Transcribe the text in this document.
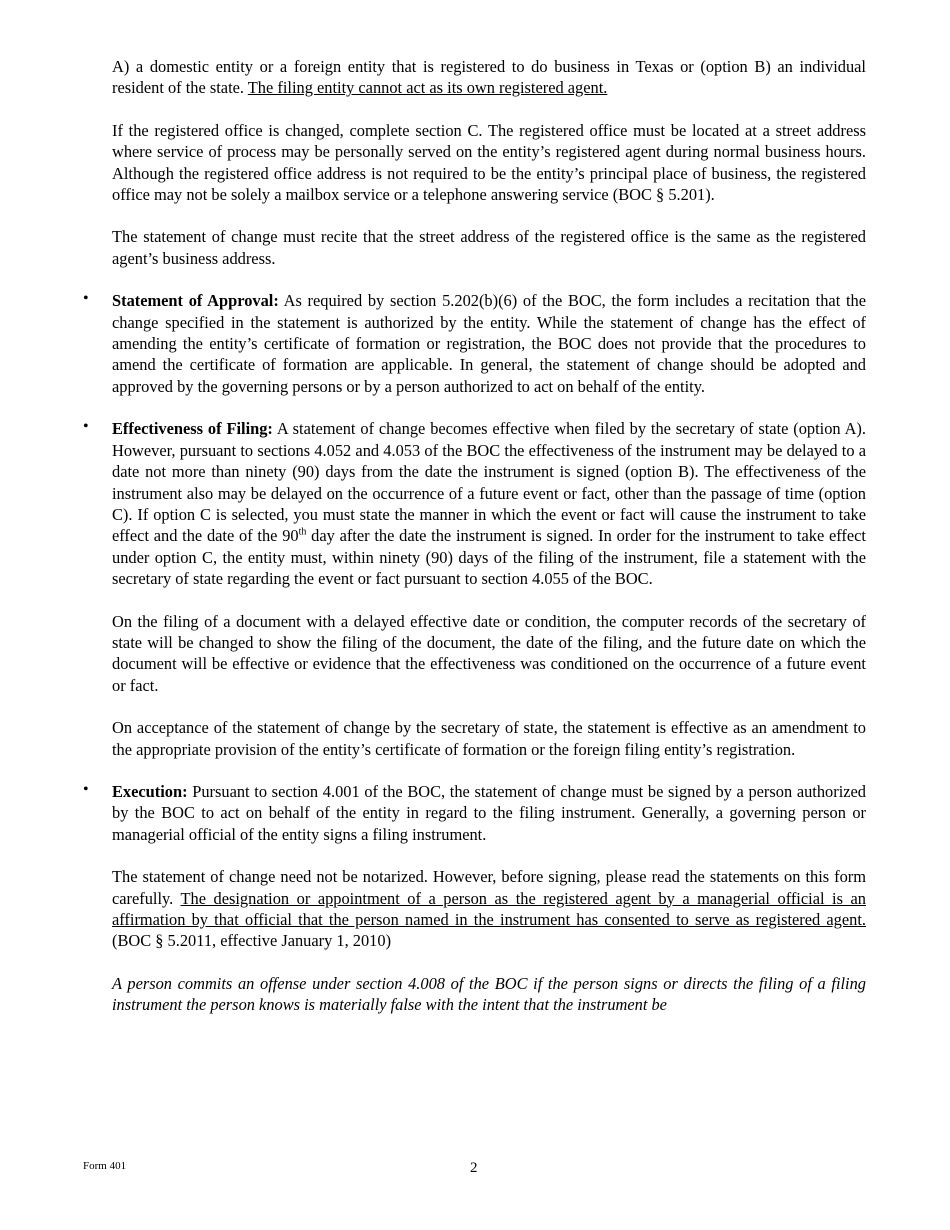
A) a domestic entity or a foreign entity that is registered to do business in Texas or (option B) an individual resident of the state. The filing entity cannot act as its own registered agent.

If the registered office is changed, complete section C. The registered office must be located at a street address where service of process may be personally served on the entity’s registered agent during normal business hours. Although the registered office address is not required to be the entity’s principal place of business, the registered office may not be solely a mailbox service or a telephone answering service (BOC § 5.201).

The statement of change must recite that the street address of the registered office is the same as the registered agent’s business address.

• Statement of Approval: As required by section 5.202(b)(6) of the BOC, the form includes a recitation that the change specified in the statement is authorized by the entity. While the statement of change has the effect of amending the entity’s certificate of formation or registration, the BOC does not provide that the procedures to amend the certificate of formation are applicable. In general, the statement of change should be adopted and approved by the governing persons or by a person authorized to act on behalf of the entity.

• Effectiveness of Filing: A statement of change becomes effective when filed by the secretary of state (option A). However, pursuant to sections 4.052 and 4.053 of the BOC the effectiveness of the instrument may be delayed to a date not more than ninety (90) days from the date the instrument is signed (option B). The effectiveness of the instrument also may be delayed on the occurrence of a future event or fact, other than the passage of time (option C). If option C is selected, you must state the manner in which the event or fact will cause the instrument to take effect and the date of the 90th day after the date the instrument is signed. In order for the instrument to take effect under option C, the entity must, within ninety (90) days of the filing of the instrument, file a statement with the secretary of state regarding the event or fact pursuant to section 4.055 of the BOC.

On the filing of a document with a delayed effective date or condition, the computer records of the secretary of state will be changed to show the filing of the document, the date of the filing, and the future date on which the document will be effective or evidence that the effectiveness was conditioned on the occurrence of a future event or fact.

On acceptance of the statement of change by the secretary of state, the statement is effective as an amendment to the appropriate provision of the entity’s certificate of formation or the foreign filing entity’s registration.

• Execution: Pursuant to section 4.001 of the BOC, the statement of change must be signed by a person authorized by the BOC to act on behalf of the entity in regard to the filing instrument. Generally, a governing person or managerial official of the entity signs a filing instrument.

The statement of change need not be notarized. However, before signing, please read the statements on this form carefully. The designation or appointment of a person as the registered agent by a managerial official is an affirmation by that official that the person named in the instrument has consented to serve as registered agent. (BOC § 5.2011, effective January 1, 2010)

A person commits an offense under section 4.008 of the BOC if the person signs or directs the filing of a filing instrument the person knows is materially false with the intent that the instrument be

Form 401	2
